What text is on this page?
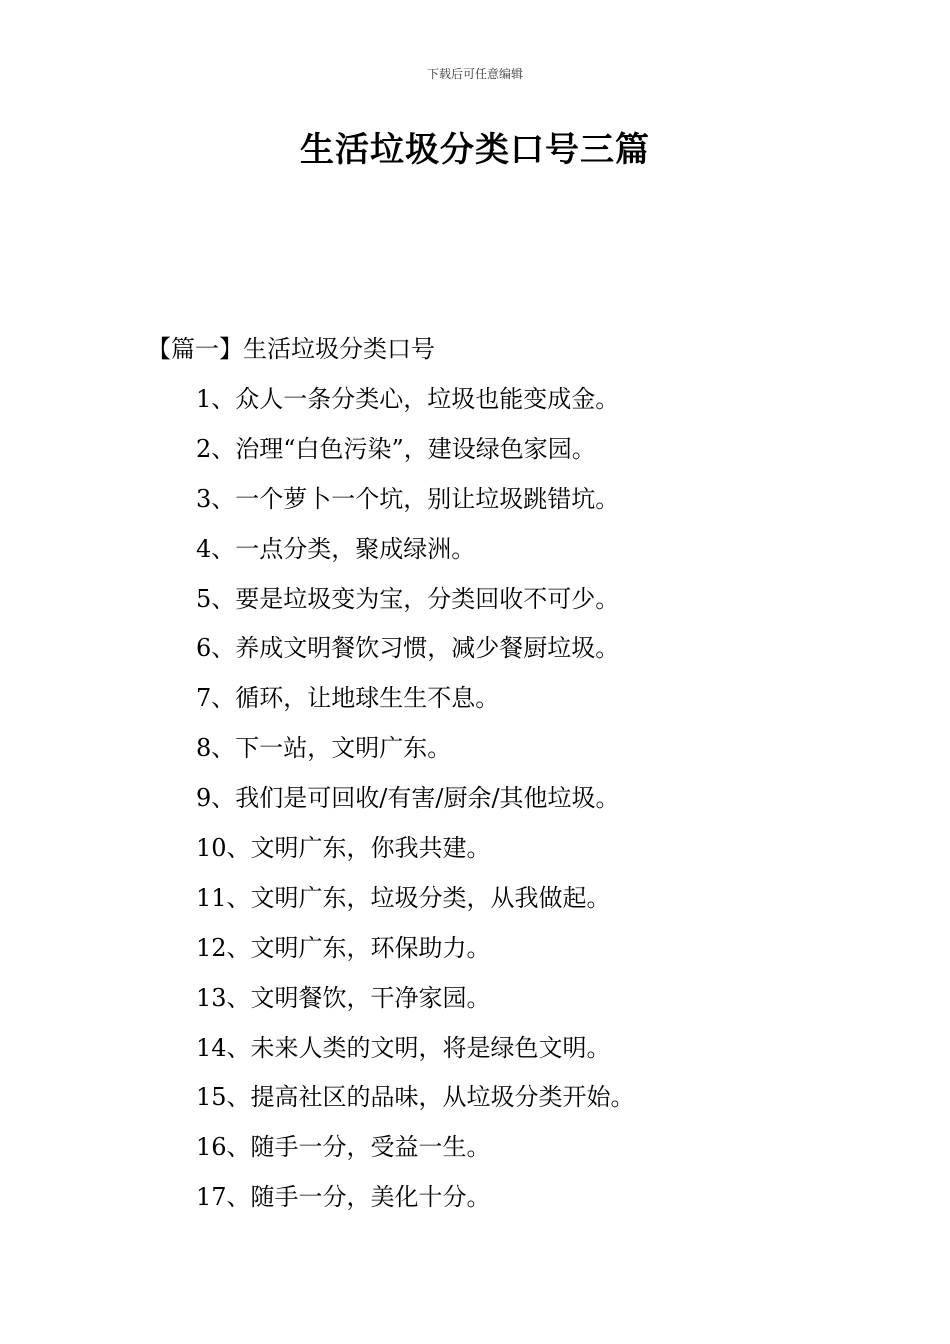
下载后可任意编辑
生活垃圾分类口号三篇
【篇一】生活垃圾分类口号
1、众人一条分类心，垃圾也能变成金。
2、治理“白色污染”，建设绿色家园。
3、一个萝卜一个坑，别让垃圾跳错坑。
4、一点分类，聚成绿洲。
5、要是垃圾变为宝，分类回收不可少。
6、养成文明餐饮习惯，减少餐厨垃圾。
7、循环，让地球生生不息。
8、下一站，文明广东。
9、我们是可回收/有害/厨余/其他垃圾。
10、文明广东，你我共建。
11、文明广东，垃圾分类，从我做起。
12、文明广东，环保助力。
13、文明餐饮，干净家园。
14、未来人类的文明，将是绿色文明。
15、提高社区的品味，从垃圾分类开始。
16、随手一分，受益一生。
17、随手一分，美化十分。
